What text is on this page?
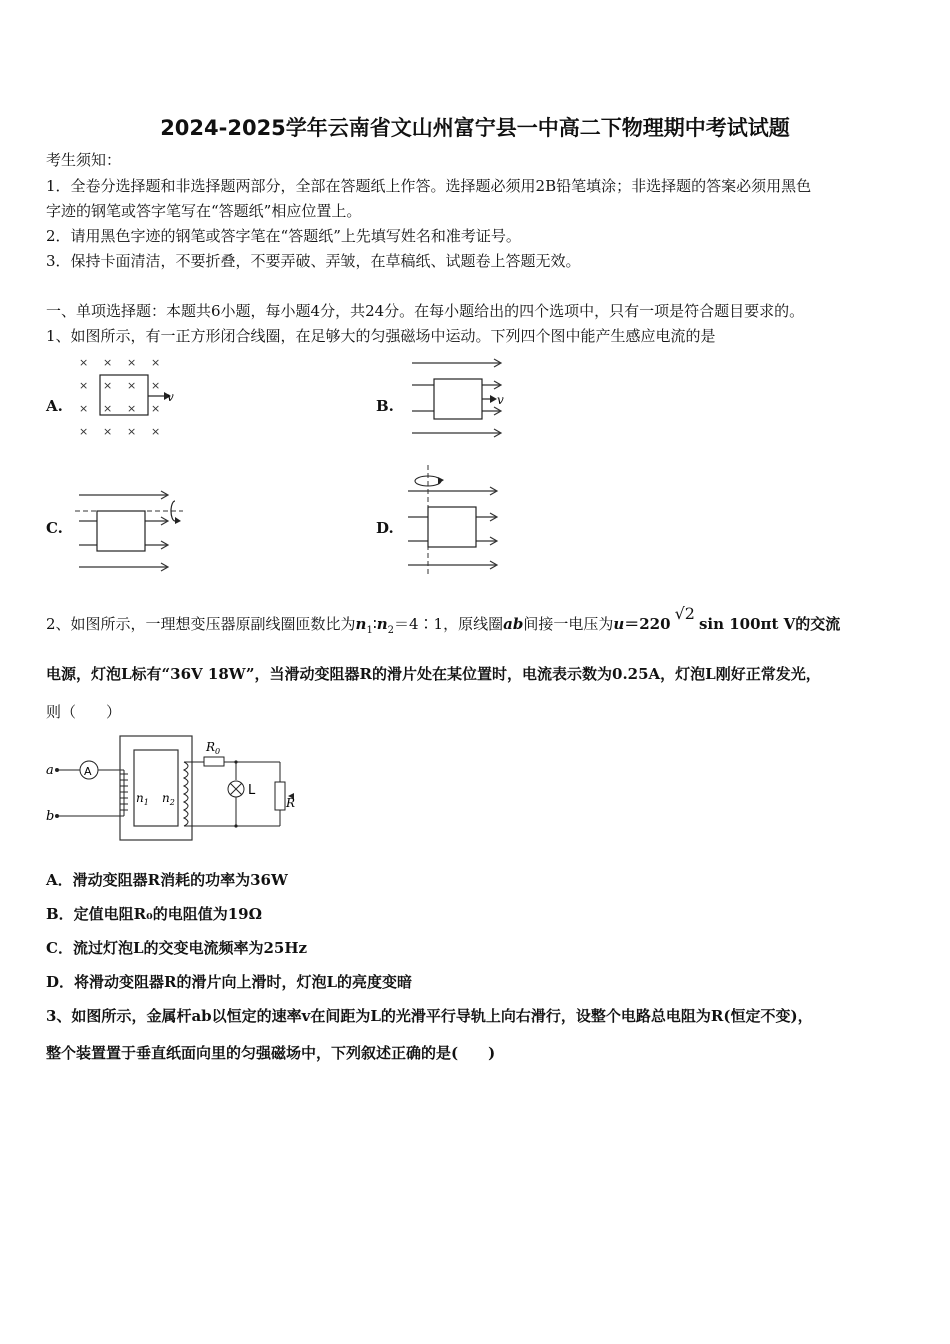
2024-2025学年云南省文山州富宁县一中高二下物理期中考试试题
考生须知：
1．全卷分选择题和非选择题两部分，全部在答题纸上作答。选择题必须用2B铅笔填涂；非选择题的答案必须用黑色
字迹的钢笔或答字笔写在“答题纸”相应位置上。
2．请用黑色字迹的钢笔或答字笔在“答题纸”上先填写姓名和准考证号。
3．保持卡面清洁，不要折叠，不要弄破、弄皱，在草稿纸、试题卷上答题无效。
一、单项选择题：本题共6小题，每小题4分，共24分。在每小题给出的四个选项中，只有一项是符合题目要求的。
1、如图所示，有一正方形闭合线圈，在足够大的匀强磁场中运动。下列四个图中能产生感应电流的是
A.	B.
C.	D.
× × × ×
× × × ×
× × × ×
× × × ×
v	v
2、如图所示，一理想变压器原副线圈匝数比为$n_1∶n_2=4∶1$，原线圈ab间接一电压为u＝220√2sin 100πt V的交流
电源，灯泡L标有“36V 18W”，当滑动变阻器R的滑片处在某位置时，电流表示数为0.25A，灯泡L刚好正常发光，
则（　　）
a
b
A
$n_1$ $n_2$
$R_0$
L
R
A．滑动变阻器R消耗的功率为36W
B．定值电阻R₀的电阻值为19Ω
C．流过灯泡L的交变电流频率为25Hz
D．将滑动变阻器R的滑片向上滑时，灯泡L的亮度变暗
3、如图所示，金属杆ab以恒定的速率v在间距为L的光滑平行导轨上向右滑行，设整个电路总电阻为R(恒定不变)，
整个装置置于垂直纸面向里的匀强磁场中，下列叙述正确的是(　　)
